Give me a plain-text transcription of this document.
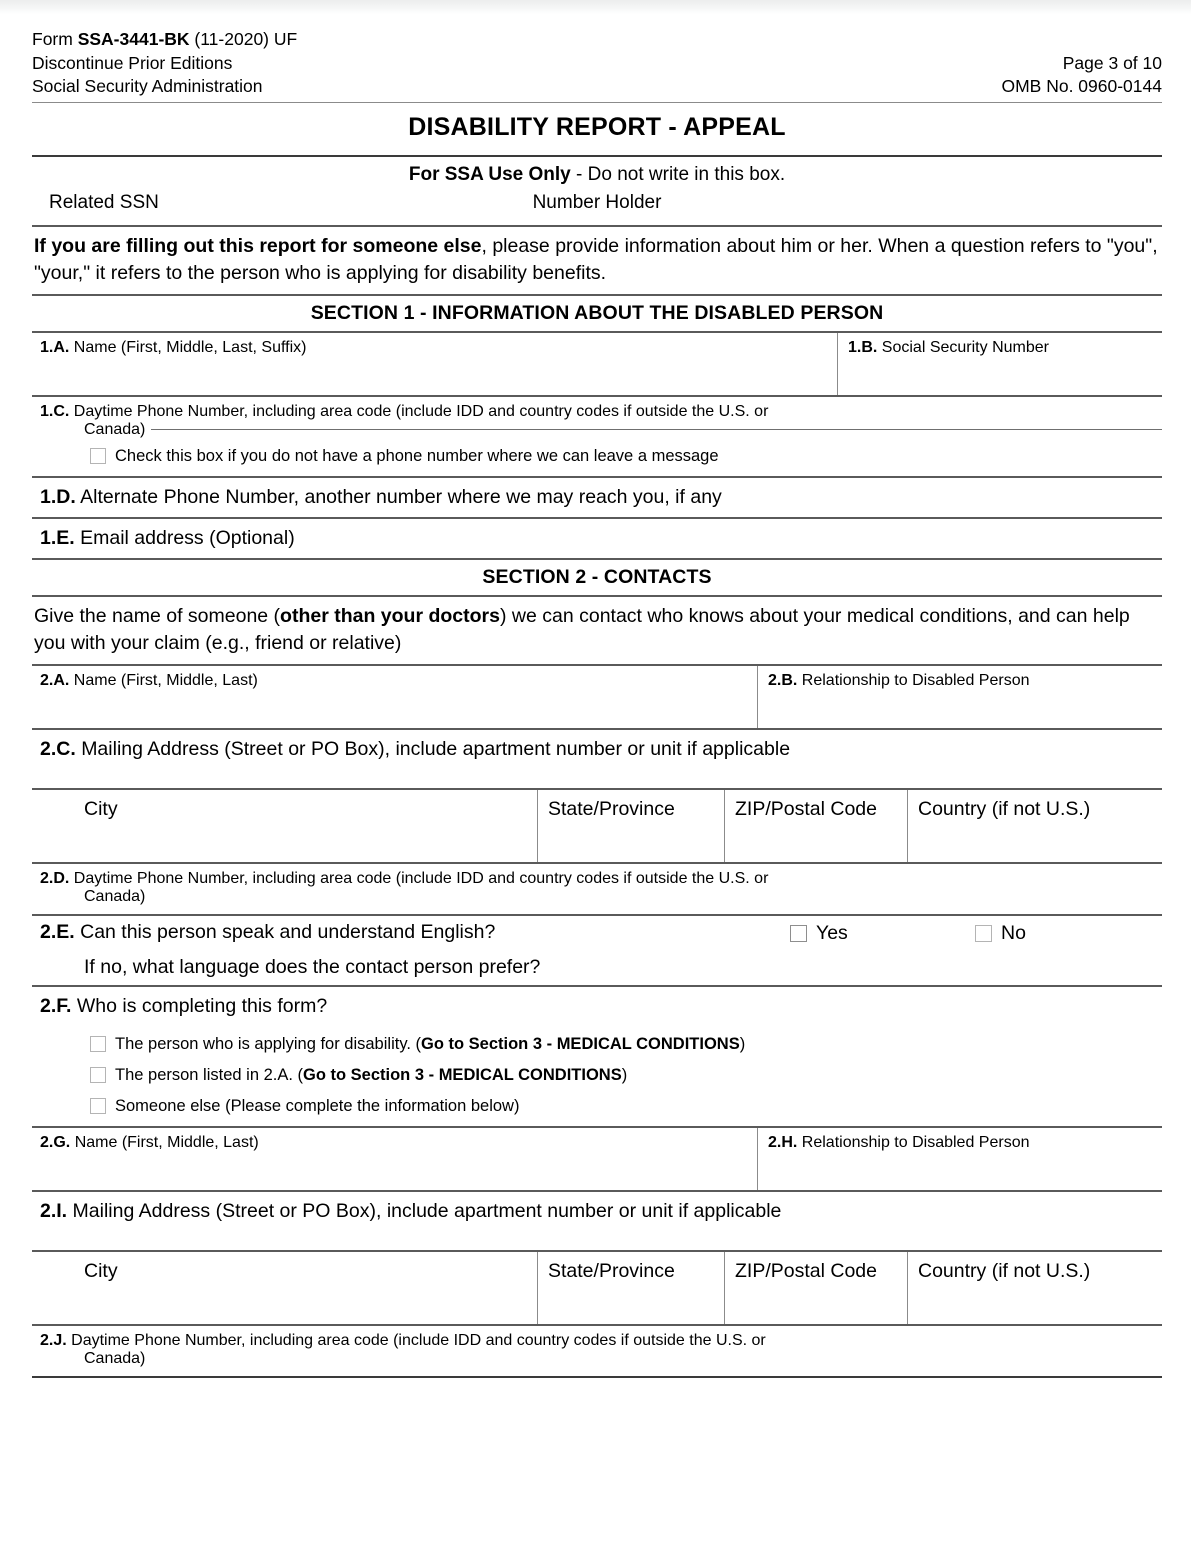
Form SSA-3441-BK (11-2020) UF
Discontinue Prior Editions
Social Security Administration
Page 3 of 10
OMB No. 0960-0144
DISABILITY REPORT - APPEAL
For SSA Use Only - Do not write in this box.
Related SSN	Number Holder
If you are filling out this report for someone else, please provide information about him or her. When a question refers to "you", "your," it refers to the person who is applying for disability benefits.
SECTION 1 - INFORMATION ABOUT THE DISABLED PERSON
1.A. Name (First, Middle, Last, Suffix)	1.B. Social Security Number
1.C. Daytime Phone Number, including area code (include IDD and country codes if outside the U.S. or
Canada)
Check this box if you do not have a phone number where we can leave a message
1.D. Alternate Phone Number, another number where we may reach you, if any
1.E. Email address (Optional)
SECTION 2 - CONTACTS
Give the name of someone (other than your doctors) we can contact who knows about your medical conditions, and can help you with your claim (e.g., friend or relative)
2.A. Name (First, Middle, Last)	2.B. Relationship to Disabled Person
2.C. Mailing Address (Street or PO Box), include apartment number or unit if applicable
City	State/Province	ZIP/Postal Code	Country (if not U.S.)
2.D. Daytime Phone Number, including area code (include IDD and country codes if outside the U.S. or
Canada)
2.E. Can this person speak and understand English?	Yes	No
If no, what language does the contact person prefer?
2.F. Who is completing this form?
The person who is applying for disability. (Go to Section 3 - MEDICAL CONDITIONS)
The person listed in 2.A. (Go to Section 3 - MEDICAL CONDITIONS)
Someone else (Please complete the information below)
2.G. Name (First, Middle, Last)	2.H. Relationship to Disabled Person
2.I. Mailing Address (Street or PO Box), include apartment number or unit if applicable
City	State/Province	ZIP/Postal Code	Country (if not U.S.)
2.J. Daytime Phone Number, including area code (include IDD and country codes if outside the U.S. or
Canada)
